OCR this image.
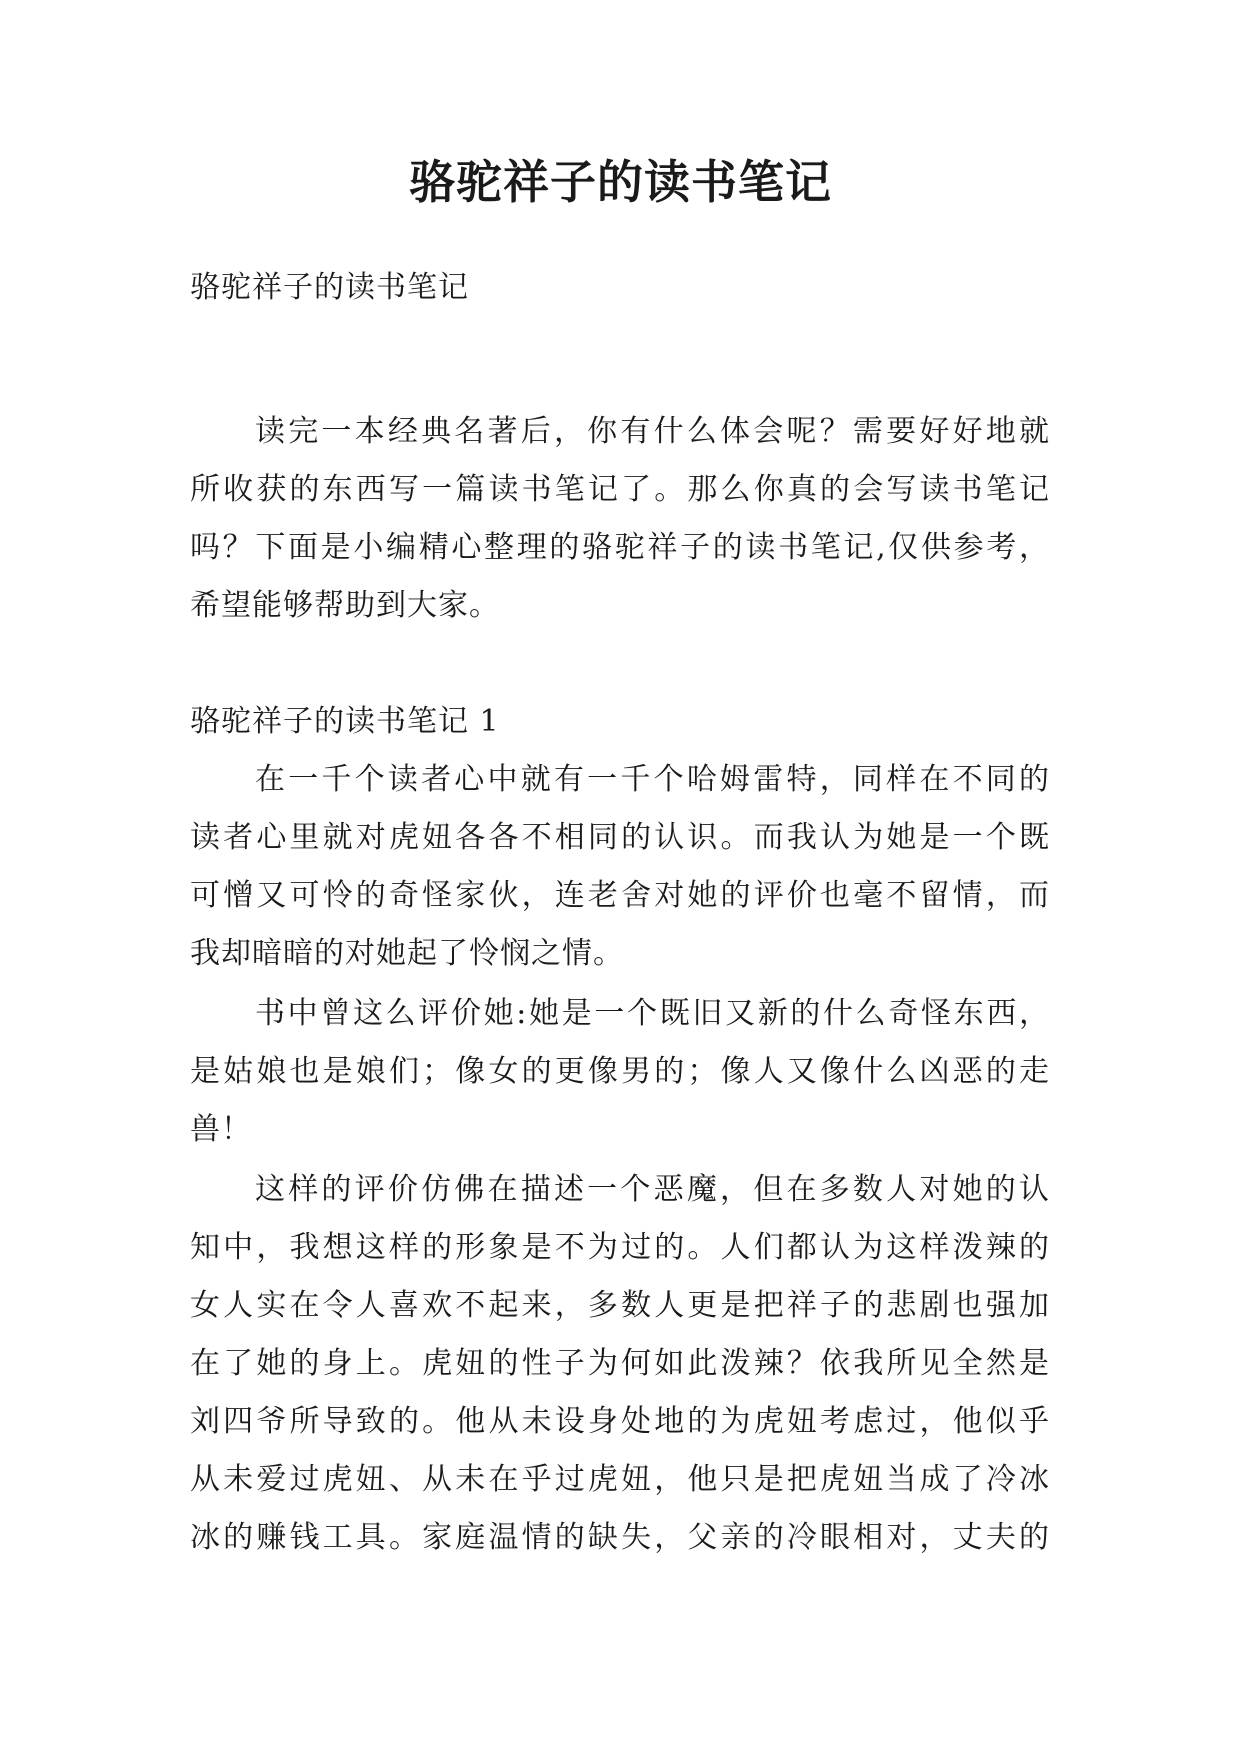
骆驼祥子的读书笔记
骆驼祥子的读书笔记
读完一本经典名著后，你有什么体会呢？需要好好地就
所收获的东西写一篇读书笔记了。那么你真的会写读书笔记
吗？下面是小编精心整理的骆驼祥子的读书笔记,仅供参考，
希望能够帮助到大家。
骆驼祥子的读书笔记 1
在一千个读者心中就有一千个哈姆雷特，同样在不同的
读者心里就对虎妞各各不相同的认识。而我认为她是一个既
可憎又可怜的奇怪家伙，连老舍对她的评价也毫不留情，而
我却暗暗的对她起了怜悯之情。
书中曾这么评价她:她是一个既旧又新的什么奇怪东西，
是姑娘也是娘们；像女的更像男的；像人又像什么凶恶的走
兽！
这样的评价仿佛在描述一个恶魔，但在多数人对她的认
知中，我想这样的形象是不为过的。人们都认为这样泼辣的
女人实在令人喜欢不起来，多数人更是把祥子的悲剧也强加
在了她的身上。虎妞的性子为何如此泼辣？依我所见全然是
刘四爷所导致的。他从未设身处地的为虎妞考虑过，他似乎
从未爱过虎妞、从未在乎过虎妞，他只是把虎妞当成了冷冰
冰的赚钱工具。家庭温情的缺失，父亲的冷眼相对，丈夫的
